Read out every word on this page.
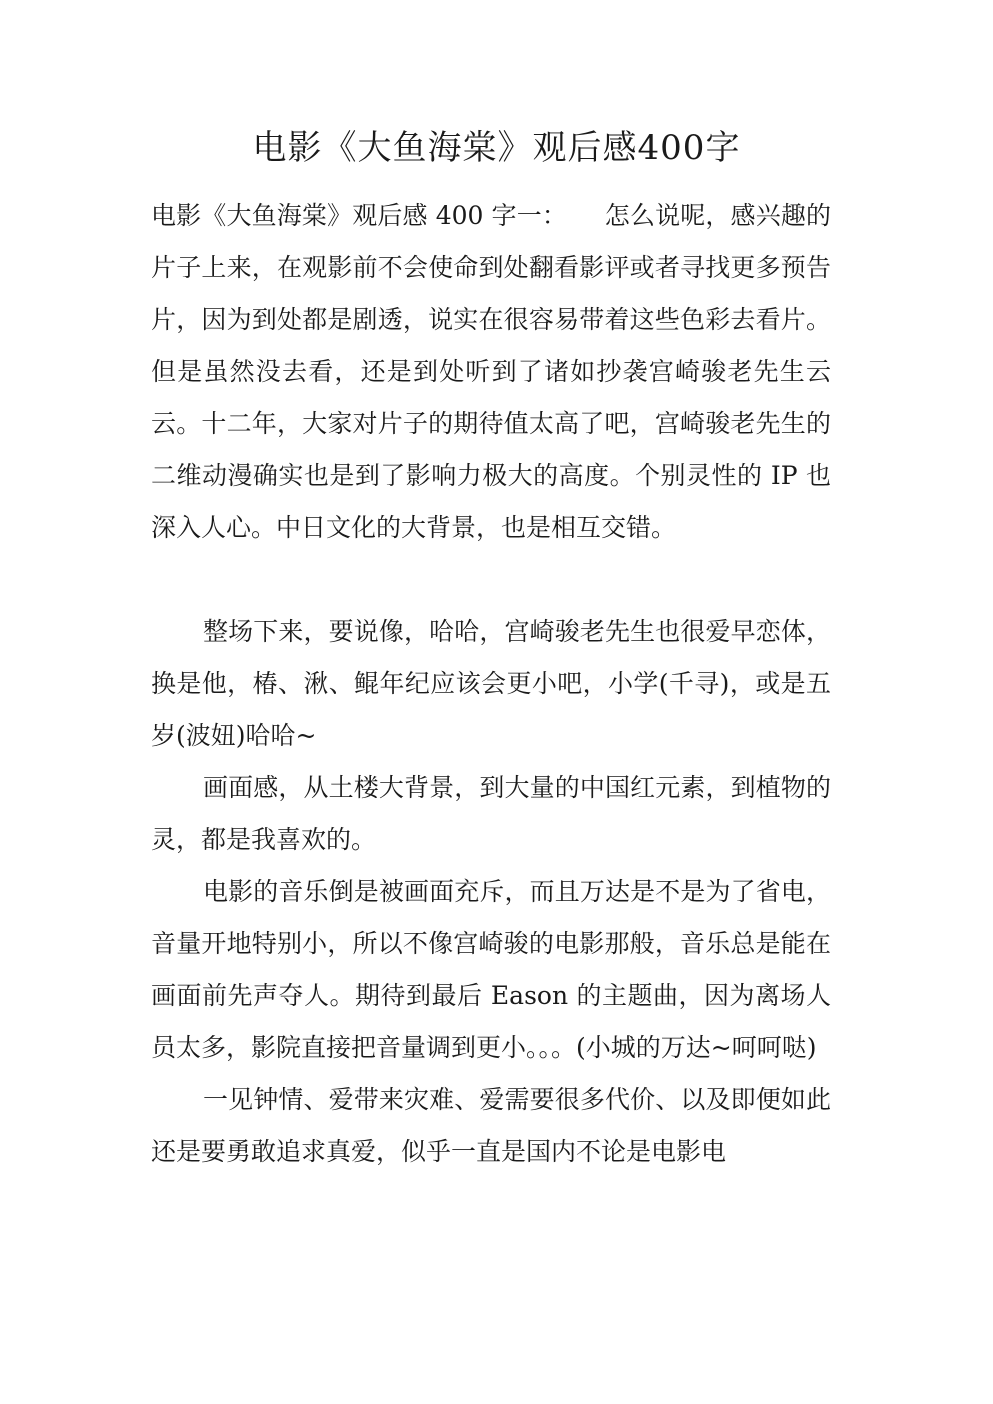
电影《大鱼海棠》观后感400字

电影《大鱼海棠》观后感 400 字一：　　怎么说呢，感兴趣的片子上来，在观影前不会使命到处翻看影评或者寻找更多预告片，因为到处都是剧透，说实在很容易带着这些色彩去看片。但是虽然没去看，还是到处听到了诸如抄袭宫崎骏老先生云云。十二年，大家对片子的期待值太高了吧，宫崎骏老先生的二维动漫确实也是到了影响力极大的高度。个别灵性的 IP 也深入人心。中日文化的大背景，也是相互交错。

整场下来，要说像，哈哈，宫崎骏老先生也很爱早恋体，换是他，椿、湫、鲲年纪应该会更小吧，小学(千寻)，或是五岁(波妞)哈哈~

画面感，从土楼大背景，到大量的中国红元素，到植物的灵，都是我喜欢的。

电影的音乐倒是被画面充斥，而且万达是不是为了省电，音量开地特别小，所以不像宫崎骏的电影那般，音乐总是能在画面前先声夺人。期待到最后 Eason 的主题曲，因为离场人员太多，影院直接把音量调到更小。。。(小城的万达~呵呵哒)

一见钟情、爱带来灾难、爱需要很多代价、以及即便如此还是要勇敢追求真爱，似乎一直是国内不论是电影电
